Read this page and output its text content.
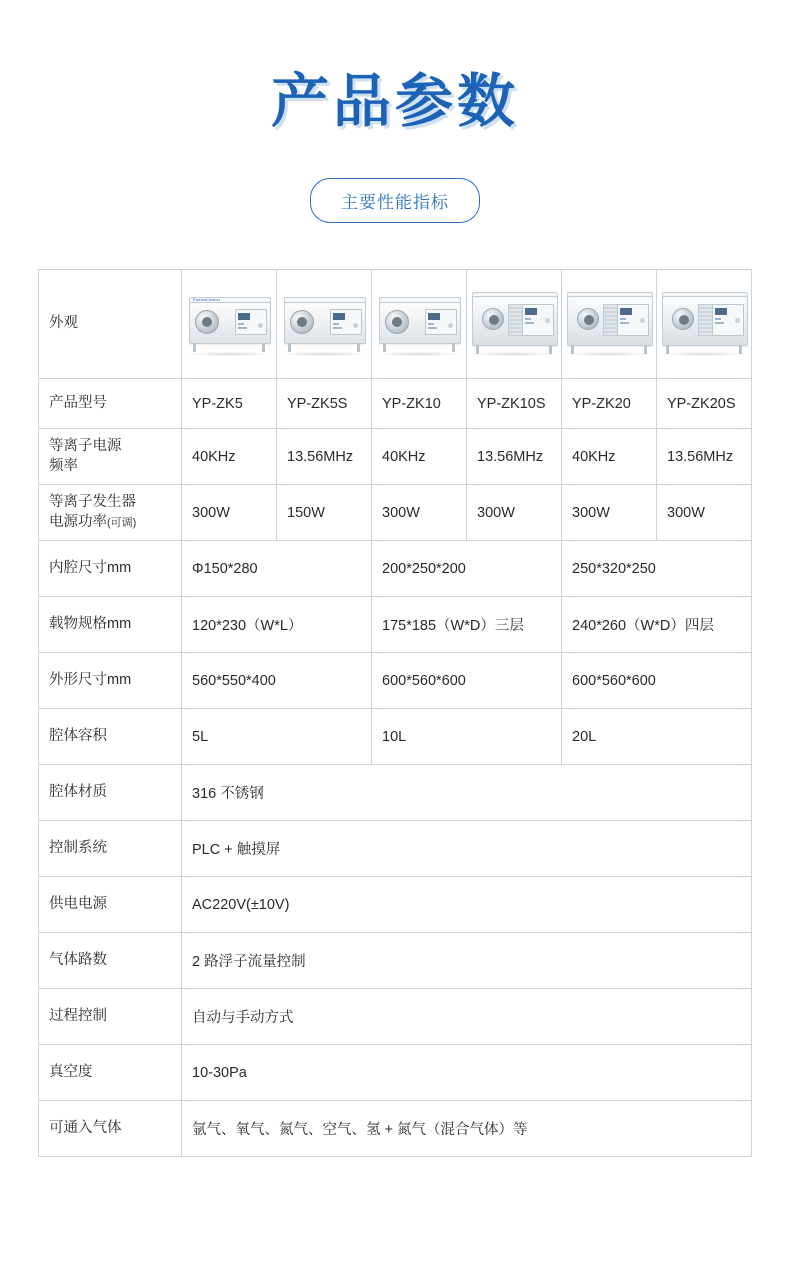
产品参数
主要性能指标
外观	PlasmaCleaner					

产品型号	YP-ZK5	YP-ZK5S	YP-ZK10	YP-ZK10S	YP-ZK20	YP-ZK20S

等离子电源
频率	40KHz	13.56MHz	40KHz	13.56MHz	40KHz	13.56MHz

等离子发生器
电源功率(可调)	300W	150W	300W	300W	300W	300W
内腔尺寸mm	Φ150*280		200*250*200		250*320*250	
载物规格mm	120*230（W*L）		175*185（W*D）三层		240*260（W*D）四层	
外形尺寸mm	560*550*400		600*560*600		600*560*600	
腔体容积	5L		10L		20L	
腔体材质	316 不锈钢					
控制系统	PLC + 触摸屏					
供电电源	AC220V(±10V)					
气体路数	2 路浮子流量控制					
过程控制	自动与手动方式					
真空度	10-30Pa					
可通入气体	氩气、氧气、氮气、空气、氢 + 氮气（混合气体）等					
